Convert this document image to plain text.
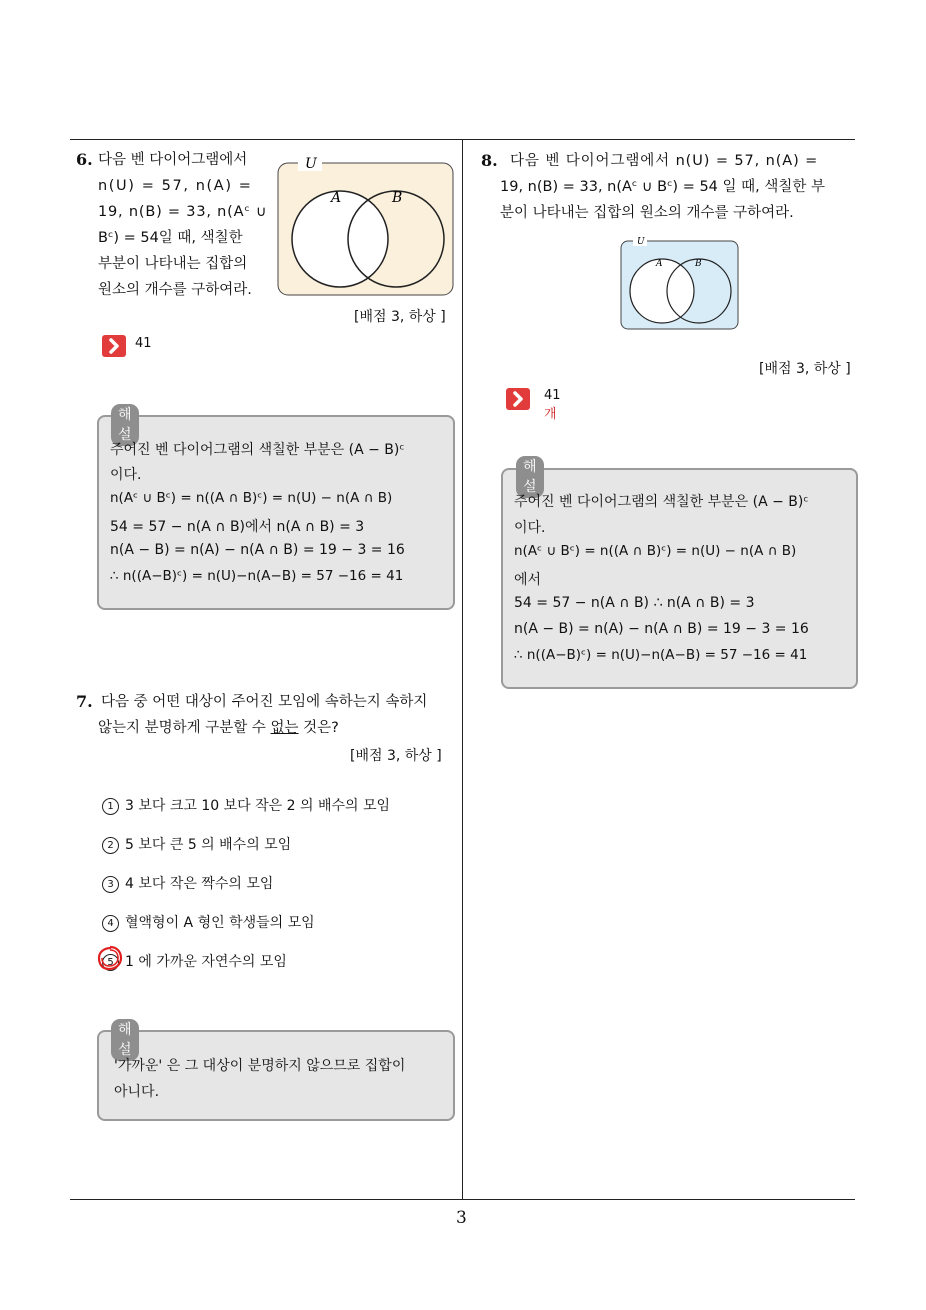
6. 다음 벤 다이어그램에서
n(U) = 57, n(A) =
19, n(B) = 33, n(Aᶜ ∪
Bᶜ) = 54일 때, 색칠한
부분이 나타내는 집합의
원소의 개수를 구하여라.
U
A	B
[배점 3, 하상 ]
41
해설
주어진 벤 다이어그램의 색칠한 부분은 (A − B)ᶜ
이다.
n(Aᶜ ∪ Bᶜ) = n((A ∩ B)ᶜ) = n(U) − n(A ∩ B)
54 = 57 − n(A ∩ B)에서 n(A ∩ B) = 3
n(A − B) = n(A) − n(A ∩ B) = 19 − 3 = 16
∴ n((A−B)ᶜ) = n(U)−n(A−B) = 57 −16 = 41
7. 다음 중 어떤 대상이 주어진 모임에 속하는지 속하지
않는지 분명하게 구분할 수 없는 것은?
[배점 3, 하상 ]
1 3 보다 크고 10 보다 작은 2 의 배수의 모임
2 5 보다 큰 5 의 배수의 모임
3 4 보다 작은 짝수의 모임
4 혈액형이 A 형인 학생들의 모임
5 1 에 가까운 자연수의 모임
해설
'가까운' 은 그 대상이 분명하지 않으므로 집합이
아니다.
8. 다음 벤 다이어그램에서 n(U) = 57, n(A) =
19, n(B) = 33, n(Aᶜ ∪ Bᶜ) = 54 일 때, 색칠한 부
분이 나타내는 집합의 원소의 개수를 구하여라.
U
A	B
[배점 3, 하상 ]
41 개
해설
주어진 벤 다이어그램의 색칠한 부분은 (A − B)ᶜ
이다.
n(Aᶜ ∪ Bᶜ) = n((A ∩ B)ᶜ) = n(U) − n(A ∩ B)
에서
54 = 57 − n(A ∩ B) ∴ n(A ∩ B) = 3
n(A − B) = n(A) − n(A ∩ B) = 19 − 3 = 16
∴ n((A−B)ᶜ) = n(U)−n(A−B) = 57 −16 = 41
3
